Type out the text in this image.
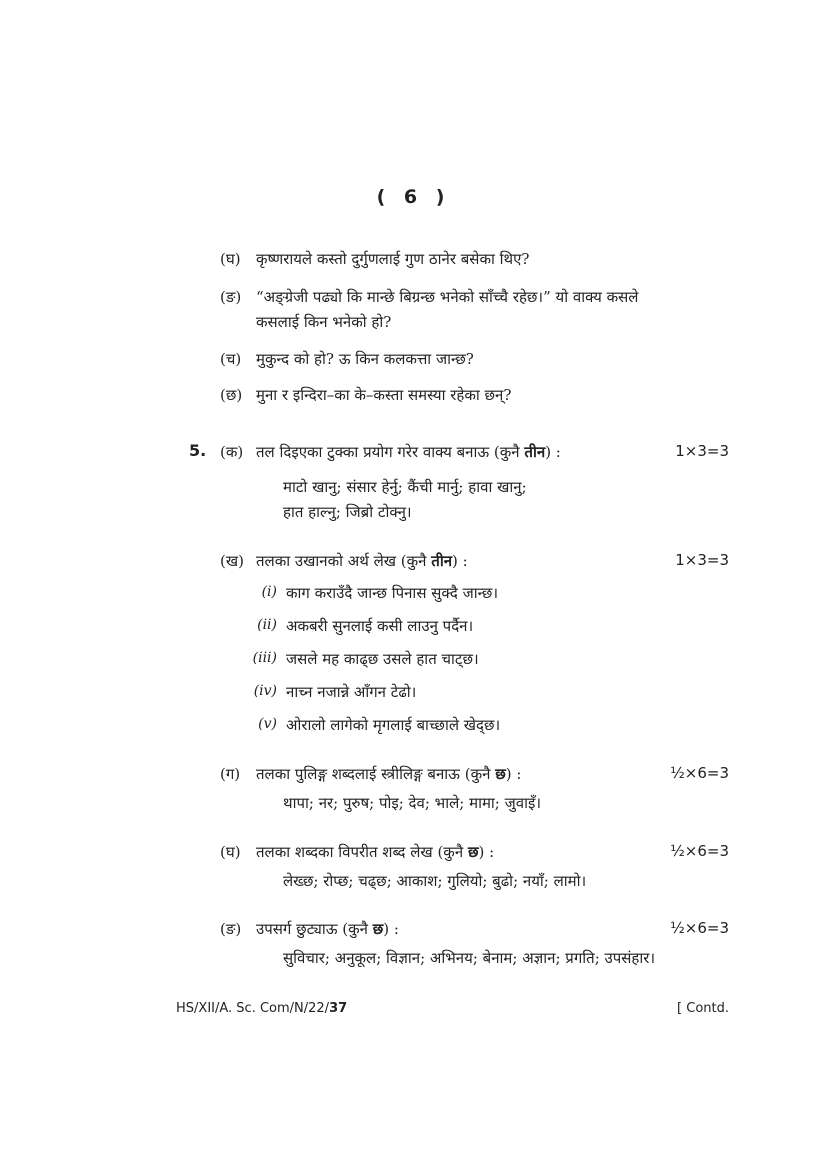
( 6 )
(घ) कृष्णरायले कस्तो दुर्गुणलाई गुण ठानेर बसेका थिए?
(ङ) “अङ्ग्रेजी पढ्यो कि मान्छे बिग्रन्छ भनेको साँच्चै रहेछ।” यो वाक्य कसले
कसलाई किन भनेको हो?
(च) मुकुन्द को हो? ऊ किन कलकत्ता जान्छ?
(छ) मुना र इन्दिरा–का के–कस्ता समस्या रहेका छन्?
5. (क) तल दिइएका टुक्का प्रयोग गरेर वाक्य बनाऊ (कुनै तीन) :	1×3=3
माटो खानु; संसार हेर्नु; कैंची मार्नु; हावा खानु;
हात हाल्नु; जिब्रो टोक्नु।
(ख) तलका उखानको अर्थ लेख (कुनै तीन) :	1×3=3
(i) काग कराउँदै जान्छ पिनास सुक्दै जान्छ।
(ii) अकबरी सुनलाई कसी लाउनु पर्दैन।
(iii) जसले मह काढ्छ उसले हात चाट्छ।
(iv) नाच्न नजान्ने आँगन टेढो।
(v) ओरालो लागेको मृगलाई बाच्छाले खेद्छ।
(ग) तलका पुलिङ्ग शब्दलाई स्त्रीलिङ्ग बनाऊ (कुनै छ) :	½×6=3
थापा; नर; पुरुष; पोइ; देव; भाले; मामा; जुवाइँ।
(घ) तलका शब्दका विपरीत शब्द लेख (कुनै छ) :	½×6=3
लेख्छ; रोप्छ; चढ्छ; आकाश; गुलियो; बुढो; नयाँ; लामो।
(ङ) उपसर्ग छुट्याऊ (कुनै छ) :	½×6=3
सुविचार; अनुकूल; विज्ञान; अभिनय; बेनाम; अज्ञान; प्रगति; उपसंहार।
HS/XII/A. Sc. Com/N/22/37	[ Contd.
